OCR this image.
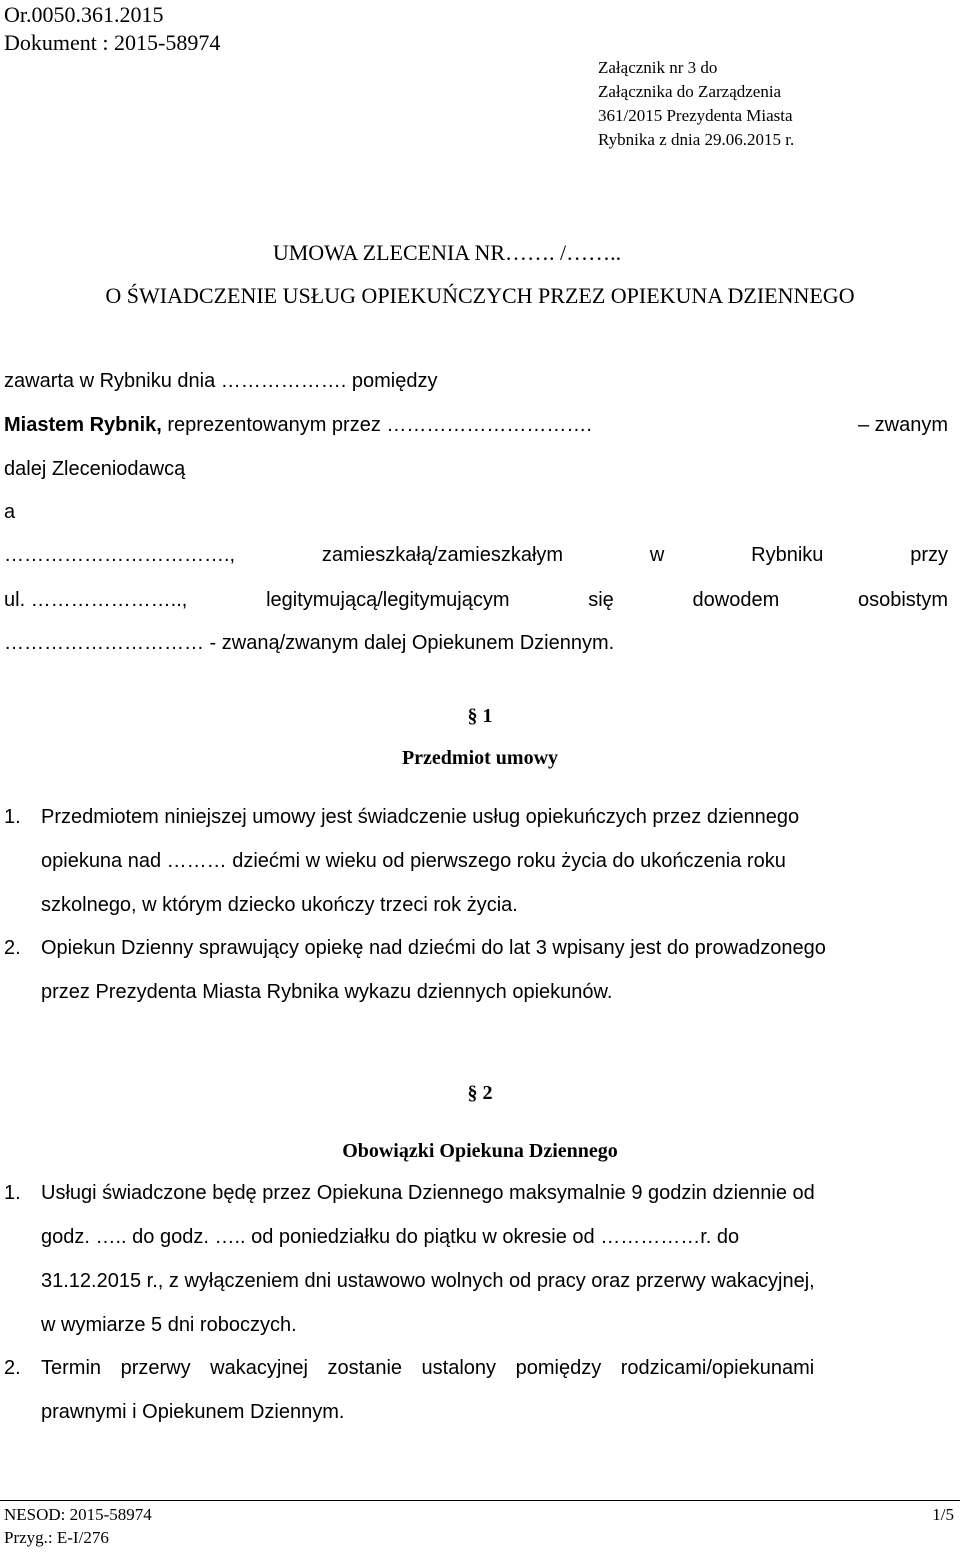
Or.0050.361.2015
Dokument : 2015-58974
Załącznik nr 3 do
Załącznika do Zarządzenia
361/2015 Prezydenta Miasta
Rybnika z dnia 29.06.2015 r.
UMOWA ZLECENIA NR……. /……..
O ŚWIADCZENIE USŁUG OPIEKUŃCZYCH PRZEZ OPIEKUNA DZIENNEGO
zawarta w Rybniku dnia ………………. pomiędzy
Miastem Rybnik, reprezentowanym przez ………………………….	– zwanym
dalej Zleceniodawcą
a
…………………………….,	zamieszkałą/zamieszkałym	w	Rybniku	przy
ul. …………………..,	legitymującą/legitymującym	się	dowodem	osobistym
………………………… - zwaną/zwanym dalej Opiekunem Dziennym.
§ 1
Przedmiot umowy
1. Przedmiotem niniejszej umowy jest świadczenie usług opiekuńczych przez dziennego
opiekuna nad ……… dziećmi w wieku od pierwszego roku życia do ukończenia roku
szkolnego, w którym dziecko ukończy trzeci rok życia.
2. Opiekun Dzienny sprawujący opiekę nad dziećmi do lat 3 wpisany jest do prowadzonego
przez Prezydenta Miasta Rybnika wykazu dziennych opiekunów.
§ 2
Obowiązki Opiekuna Dziennego
1. Usługi świadczone będę przez Opiekuna Dziennego maksymalnie 9 godzin dziennie od
godz. ….. do godz. ….. od poniedziałku do piątku w okresie od ……………r. do
31.12.2015 r., z wyłączeniem dni ustawowo wolnych od pracy oraz przerwy wakacyjnej,
w wymiarze 5 dni roboczych.
2. Termin przerwy wakacyjnej zostanie ustalony pomiędzy rodzicami/opiekunami
prawnymi i Opiekunem Dziennym.
NESOD: 2015-58974
Przyg.: E-I/276
1/5
